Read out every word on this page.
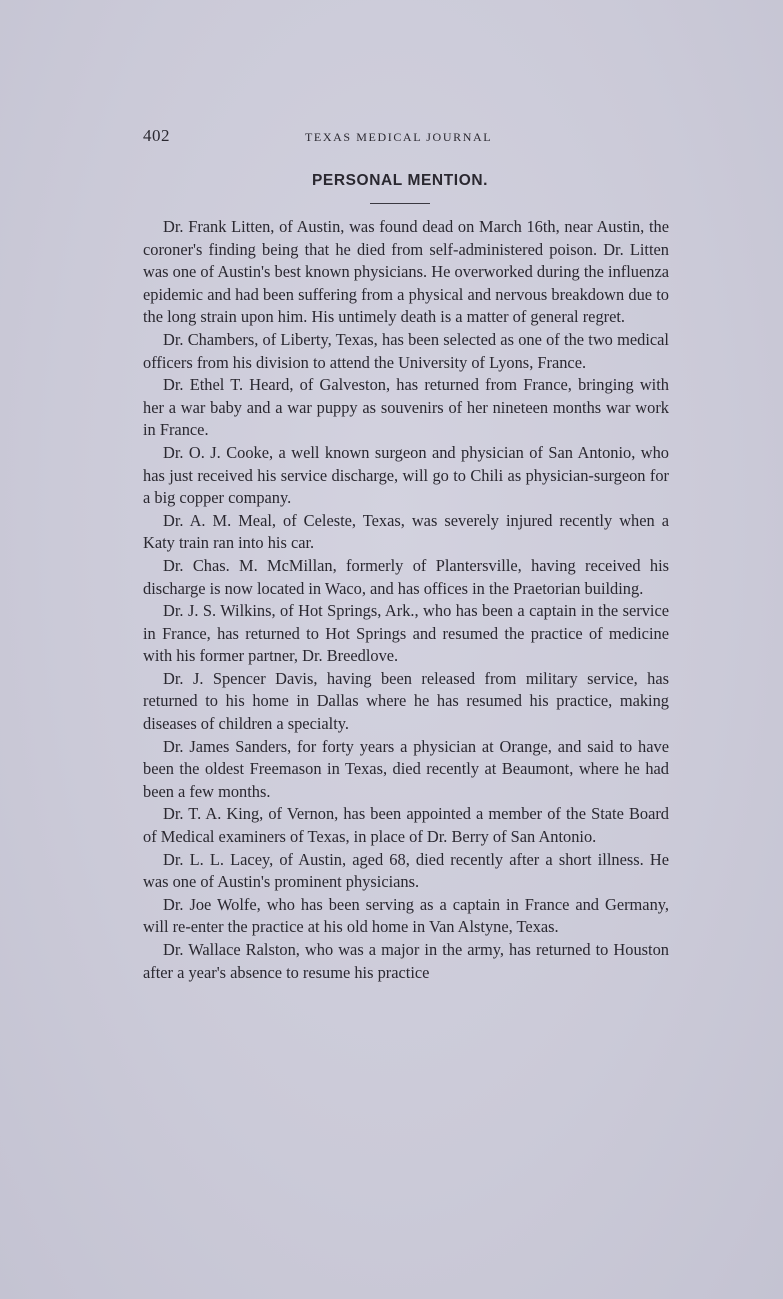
402	TEXAS MEDICAL JOURNAL
PERSONAL MENTION.

Dr. Frank Litten, of Austin, was found dead on March 16th, near Austin, the coroner's finding being that he died from self-administered poison. Dr. Litten was one of Austin's best known physicians. He overworked during the influenza epidemic and had been suffering from a physical and nervous breakdown due to the long strain upon him. His untimely death is a matter of general regret.

Dr. Chambers, of Liberty, Texas, has been selected as one of the two medical officers from his division to attend the University of Lyons, France.

Dr. Ethel T. Heard, of Galveston, has returned from France, bringing with her a war baby and a war puppy as souvenirs of her nineteen months war work in France.

Dr. O. J. Cooke, a well known surgeon and physician of San Antonio, who has just received his service discharge, will go to Chili as physician-surgeon for a big copper company.

Dr. A. M. Meal, of Celeste, Texas, was severely injured recently when a Katy train ran into his car.

Dr. Chas. M. McMillan, formerly of Plantersville, having received his discharge is now located in Waco, and has offices in the Praetorian building.

Dr. J. S. Wilkins, of Hot Springs, Ark., who has been a captain in the service in France, has returned to Hot Springs and resumed the practice of medicine with his former partner, Dr. Breedlove.

Dr. J. Spencer Davis, having been released from military service, has returned to his home in Dallas where he has resumed his practice, making diseases of children a specialty.

Dr. James Sanders, for forty years a physician at Orange, and said to have been the oldest Freemason in Texas, died recently at Beaumont, where he had been a few months.

Dr. T. A. King, of Vernon, has been appointed a member of the State Board of Medical examiners of Texas, in place of Dr. Berry of San Antonio.

Dr. L. L. Lacey, of Austin, aged 68, died recently after a short illness. He was one of Austin's prominent physicians.

Dr. Joe Wolfe, who has been serving as a captain in France and Germany, will re-enter the practice at his old home in Van Alstyne, Texas.

Dr. Wallace Ralston, who was a major in the army, has returned to Houston after a year's absence to resume his practice
